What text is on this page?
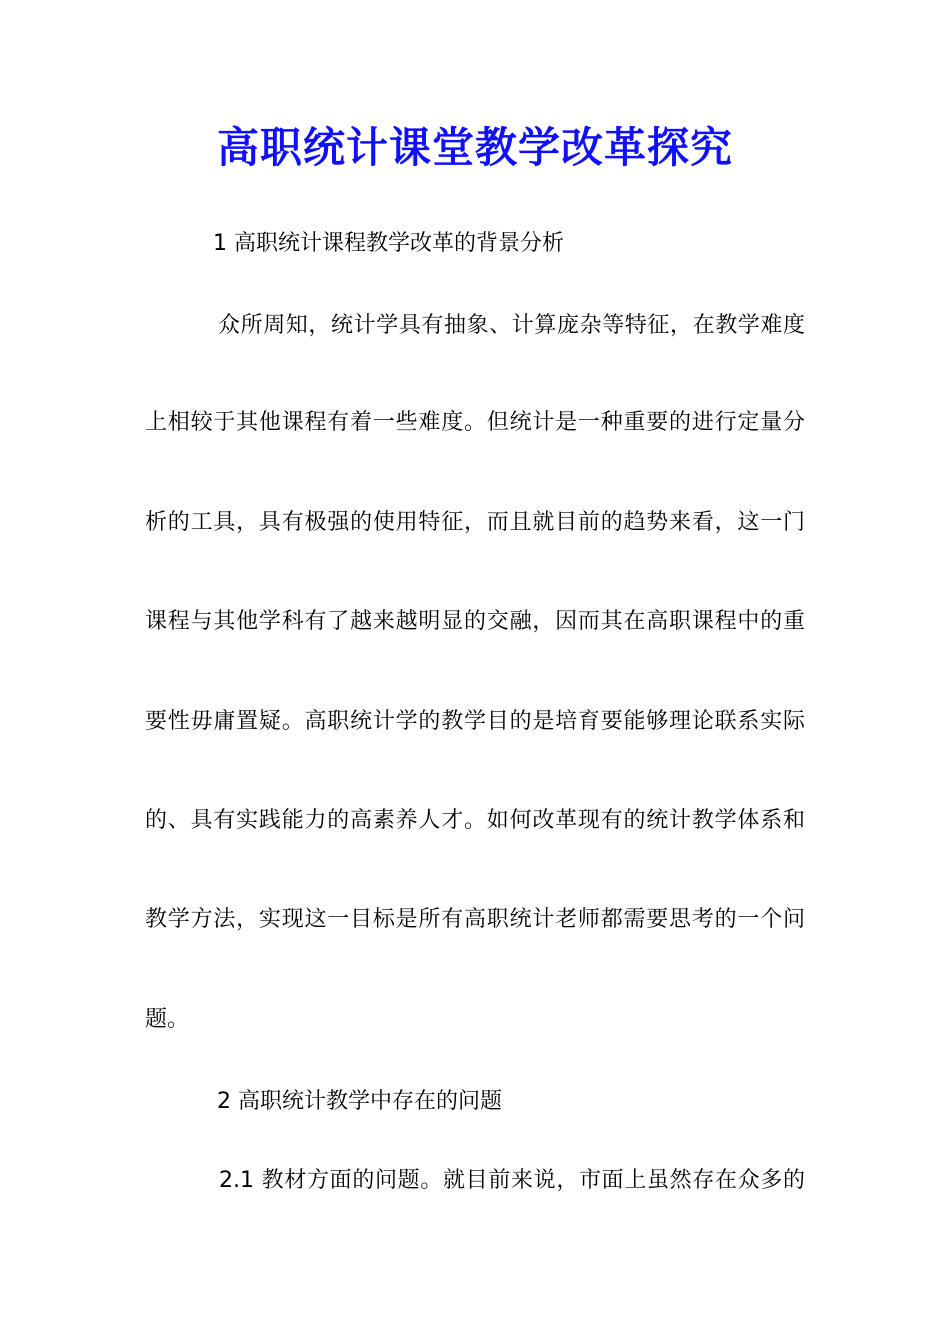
高职统计课堂教学改革探究
1 高职统计课程教学改革的背景分析
众所周知，统计学具有抽象、计算庞杂等特征，在教学难度
上相较于其他课程有着一些难度。但统计是一种重要的进行定量分
析的工具，具有极强的使用特征，而且就目前的趋势来看，这一门
课程与其他学科有了越来越明显的交融，因而其在高职课程中的重
要性毋庸置疑。高职统计学的教学目的是培育要能够理论联系实际
的、具有实践能力的高素养人才。如何改革现有的统计教学体系和
教学方法，实现这一目标是所有高职统计老师都需要思考的一个问
题。
2 高职统计教学中存在的问题
2.1 教材方面的问题。就目前来说，市面上虽然存在众多的
